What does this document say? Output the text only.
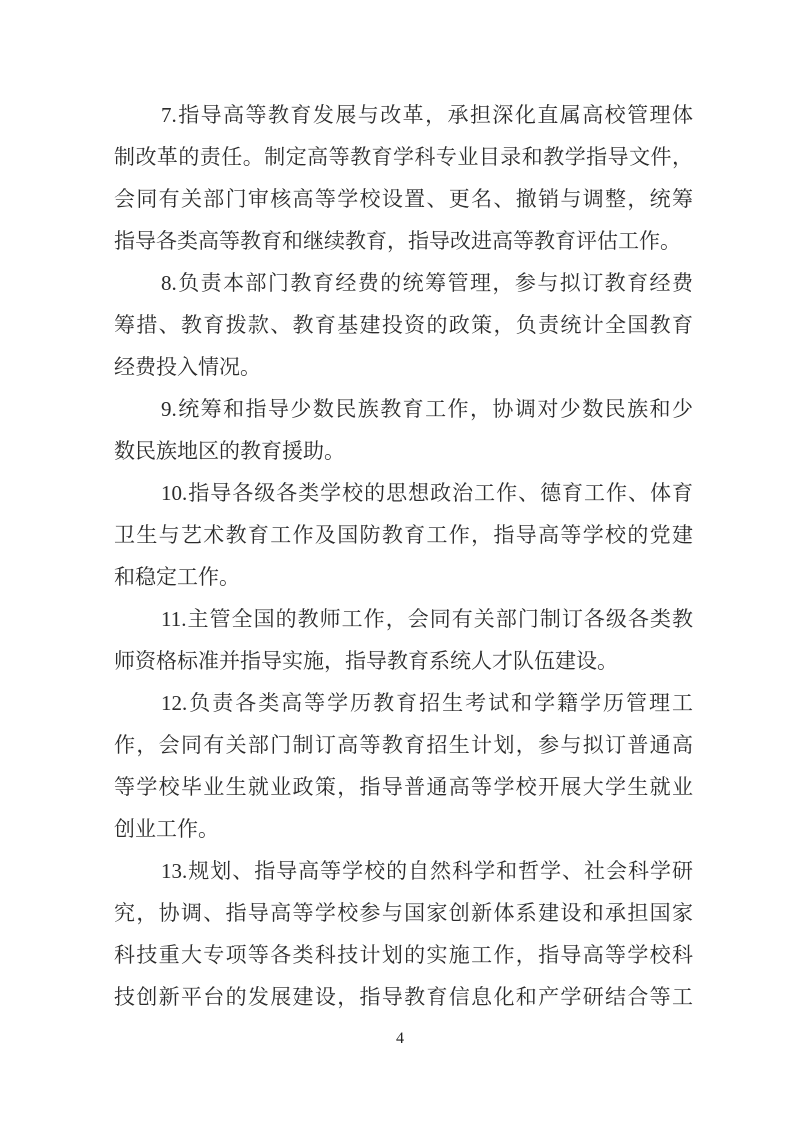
7.指导高等教育发展与改革，承担深化直属高校管理体
制改革的责任。制定高等教育学科专业目录和教学指导文件，
会同有关部门审核高等学校设置、更名、撤销与调整，统筹
指导各类高等教育和继续教育，指导改进高等教育评估工作。
8.负责本部门教育经费的统筹管理，参与拟订教育经费
筹措、教育拨款、教育基建投资的政策，负责统计全国教育
经费投入情况。
9.统筹和指导少数民族教育工作，协调对少数民族和少
数民族地区的教育援助。
10.指导各级各类学校的思想政治工作、德育工作、体育
卫生与艺术教育工作及国防教育工作，指导高等学校的党建
和稳定工作。
11.主管全国的教师工作，会同有关部门制订各级各类教
师资格标准并指导实施，指导教育系统人才队伍建设。
12.负责各类高等学历教育招生考试和学籍学历管理工
作，会同有关部门制订高等教育招生计划，参与拟订普通高
等学校毕业生就业政策，指导普通高等学校开展大学生就业
创业工作。
13.规划、指导高等学校的自然科学和哲学、社会科学研
究，协调、指导高等学校参与国家创新体系建设和承担国家
科技重大专项等各类科技计划的实施工作，指导高等学校科
技创新平台的发展建设，指导教育信息化和产学研结合等工
4
